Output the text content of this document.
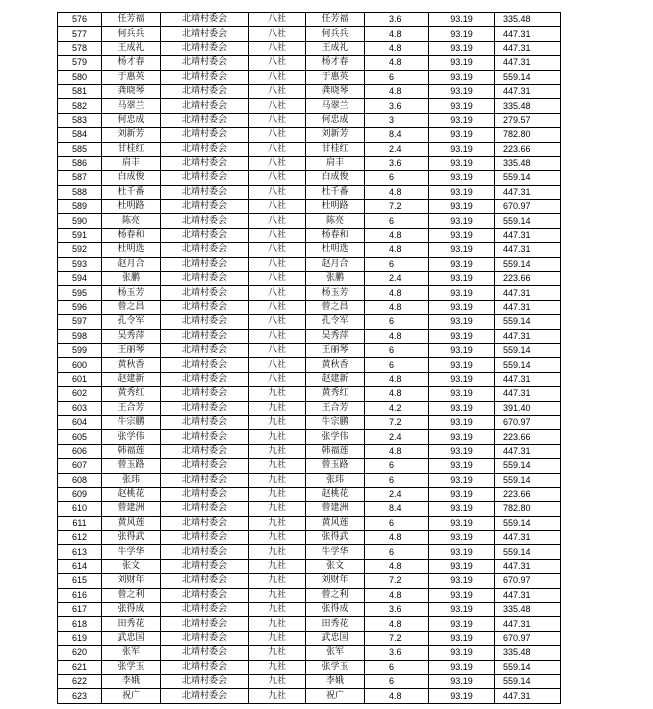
576	任芳福	北靖村委会	八社	任芳福	3.6	93.19	335.48
577	何兵兵	北靖村委会	八社	何兵兵	4.8	93.19	447.31
578	王成礼	北靖村委会	八社	王成礼	4.8	93.19	447.31
579	杨才春	北靖村委会	八社	杨才春	4.8	93.19	447.31
580	于惠英	北靖村委会	八社	于惠英	6	93.19	559.14
581	龚晓琴	北靖村委会	八社	龚晓琴	4.8	93.19	447.31
582	马翠兰	北靖村委会	八社	马翠兰	3.6	93.19	335.48
583	何忠成	北靖村委会	八社	何忠成	3	93.19	279.57
584	刘新芳	北靖村委会	八社	刘新芳	8.4	93.19	782.80
585	甘桂红	北靖村委会	八社	甘桂红	2.4	93.19	223.66
586	肩丰	北靖村委会	八社	肩丰	3.6	93.19	335.48
587	白成俊	北靖村委会	八社	白成俊	6	93.19	559.14
588	杜千番	北靖村委会	八社	杜千番	4.8	93.19	447.31
589	杜明路	北靖村委会	八社	杜明路	7.2	93.19	670.97
590	陈亮	北靖村委会	八社	陈亮	6	93.19	559.14
591	杨春和	北靖村委会	八社	杨春和	4.8	93.19	447.31
592	杜明选	北靖村委会	八社	杜明选	4.8	93.19	447.31
593	赵月合	北靖村委会	八社	赵月合	6	93.19	559.14
594	张鹏	北靖村委会	八社	张鹏	2.4	93.19	223.66
595	杨玉芳	北靖村委会	八社	杨玉芳	4.8	93.19	447.31
596	曾之昌	北靖村委会	八社	曾之昌	4.8	93.19	447.31
597	孔令军	北靖村委会	八社	孔令军	6	93.19	559.14
598	吴秀萍	北靖村委会	八社	吴秀萍	4.8	93.19	447.31
599	王丽琴	北靖村委会	八社	王丽琴	6	93.19	559.14
600	黄秋香	北靖村委会	八社	黄秋香	6	93.19	559.14
601	赵建新	北靖村委会	八社	赵建新	4.8	93.19	447.31
602	黄秀红	北靖村委会	九社	黄秀红	4.8	93.19	447.31
603	王合芳	北靖村委会	九社	王合芳	4.2	93.19	391.40
604	牛宗鹏	北靖村委会	九社	牛宗鹏	7.2	93.19	670.97
605	张学伟	北靖村委会	九社	张学伟	2.4	93.19	223.66
606	韩福莲	北靖村委会	九社	韩福莲	4.8	93.19	447.31
607	曾玉路	北靖村委会	九社	曾玉路	6	93.19	559.14
608	张玮	北靖村委会	九社	张玮	6	93.19	559.14
609	赵桃花	北靖村委会	九社	赵桃花	2.4	93.19	223.66
610	曾建洲	北靖村委会	九社	曾建洲	8.4	93.19	782.80
611	黄风莲	北靖村委会	九社	黄风莲	6	93.19	559.14
612	张得武	北靖村委会	九社	张得武	4.8	93.19	447.31
613	牛学华	北靖村委会	九社	牛学华	6	93.19	559.14
614	张文	北靖村委会	九社	张文	4.8	93.19	447.31
615	刘财年	北靖村委会	九社	刘财年	7.2	93.19	670.97
616	曾之利	北靖村委会	九社	曾之利	4.8	93.19	447.31
617	张得成	北靖村委会	九社	张得成	3.6	93.19	335.48
618	田秀花	北靖村委会	九社	田秀花	4.8	93.19	447.31
619	武忠国	北靖村委会	九社	武忠国	7.2	93.19	670.97
620	张军	北靖村委会	九社	张军	3.6	93.19	335.48
621	张学玉	北靖村委会	九社	张学玉	6	93.19	559.14
622	李娥	北靖村委会	九社	李娥	6	93.19	559.14
623	祝广	北靖村委会	九社	祝广	4.8	93.19	447.31
